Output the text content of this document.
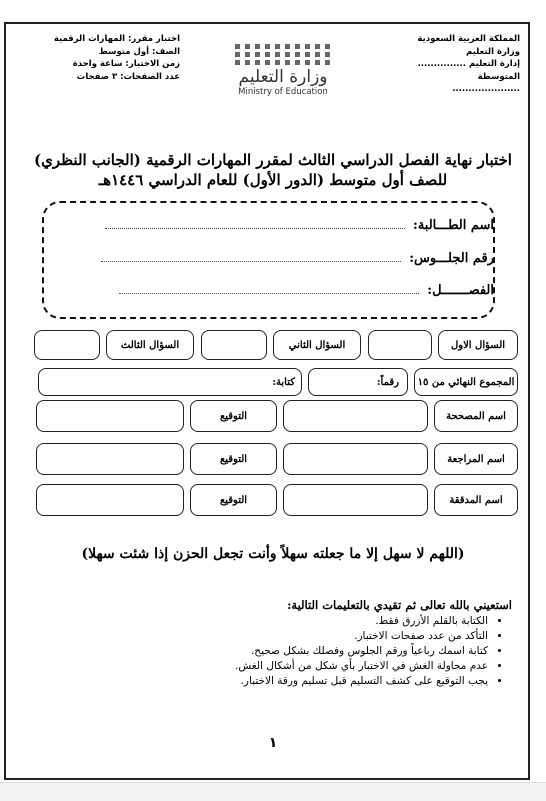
المملكة العربية السعودية
وزارة التعليم
إدارة التعليم ...............
المتوسطة .....................
وزارة التعليم
Ministry of Education
اختبار مقرر: المهارات الرقمية
الصف: أول متوسط
زمن الاختبار: ساعة واحدة
عدد الصفحات: ٣ صفحات
اختبار نهاية الفصل الدراسي الثالث لمقرر المهارات الرقمية (الجانب النظري)
للصف أول متوسط (الدور الأول) للعام الدراسي ١٤٤٦هـ
اسم الطـــالبة:
رقم الجلـــوس:
الفصـــــــل:
السؤال الاول
السؤال الثاني
السؤال الثالث
المجموع النهائي من ١٥
رقماً:
كتابة:
اسم المصححة
التوقيع
اسم المراجعة
التوقيع
اسم المدققة
التوقيع
(اللهم لا سهل إلا ما جعلته سهلاً وأنت تجعل الحزن إذا شئت سهلا)
استعيني بالله تعالى ثم تقيدي بالتعليمات التالية:
• الكتابة بالقلم الأزرق فقط.
• التأكد من عدد صفحات الاختبار.
• كتابة اسمك رباعياً ورقم الجلوس وفصلك بشكل صحيح.
• عدم محاولة الغش في الاختبار بأي شكل من أشكال الغش.
• يجب التوقيع على كشف التسليم قبل تسليم ورقة الاختبار.
١
